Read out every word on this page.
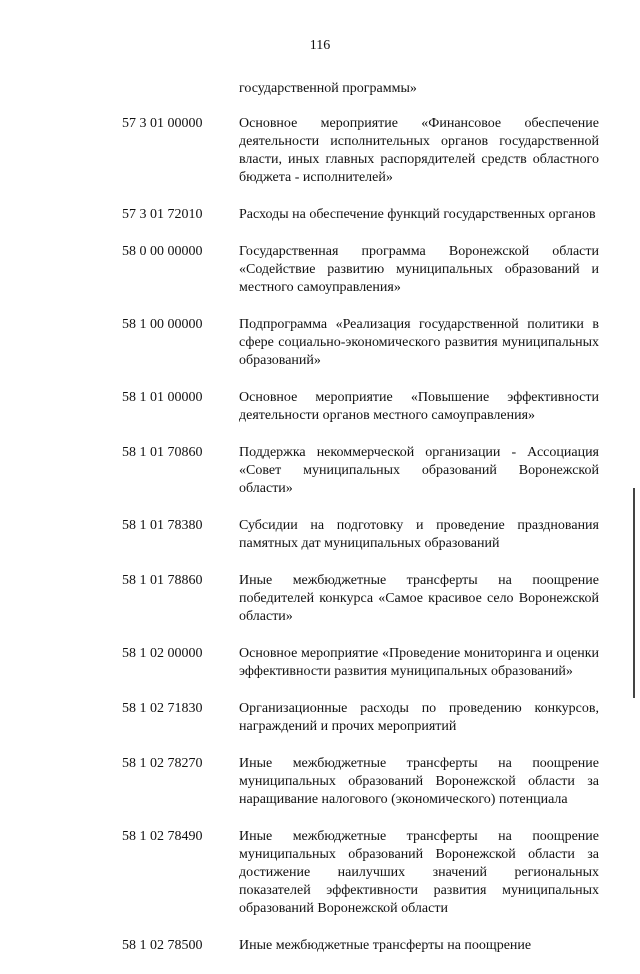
116
государственной программы»
57 3 01 00000	Основное мероприятие «Финансовое обеспечение деятельности исполнительных органов государственной власти, иных главных распорядителей средств областного бюджета - исполнителей»
57 3 01 72010	Расходы на обеспечение функций государственных органов
58 0 00 00000	Государственная программа Воронежской области «Содействие развитию муниципальных образований и местного самоуправления»
58 1 00 00000	Подпрограмма «Реализация государственной политики в сфере социально-экономического развития муниципальных образований»
58 1 01 00000	Основное мероприятие «Повышение эффективности деятельности органов местного самоуправления»
58 1 01 70860	Поддержка некоммерческой организации - Ассоциация «Совет муниципальных образований Воронежской области»
58 1 01 78380	Субсидии на подготовку и проведение празднования памятных дат муниципальных образований
58 1 01 78860	Иные межбюджетные трансферты на поощрение победителей конкурса «Самое красивое село Воронежской области»
58 1 02 00000	Основное мероприятие «Проведение мониторинга и оценки эффективности развития муниципальных образований»
58 1 02 71830	Организационные расходы по проведению конкурсов, награждений и прочих мероприятий
58 1 02 78270	Иные межбюджетные трансферты на поощрение муниципальных образований Воронежской области за наращивание налогового (экономического) потенциала
58 1 02 78490	Иные межбюджетные трансферты на поощрение муниципальных образований Воронежской области за достижение наилучших значений региональных показателей эффективности развития муниципальных образований Воронежской области
58 1 02 78500	Иные межбюджетные трансферты на поощрение
